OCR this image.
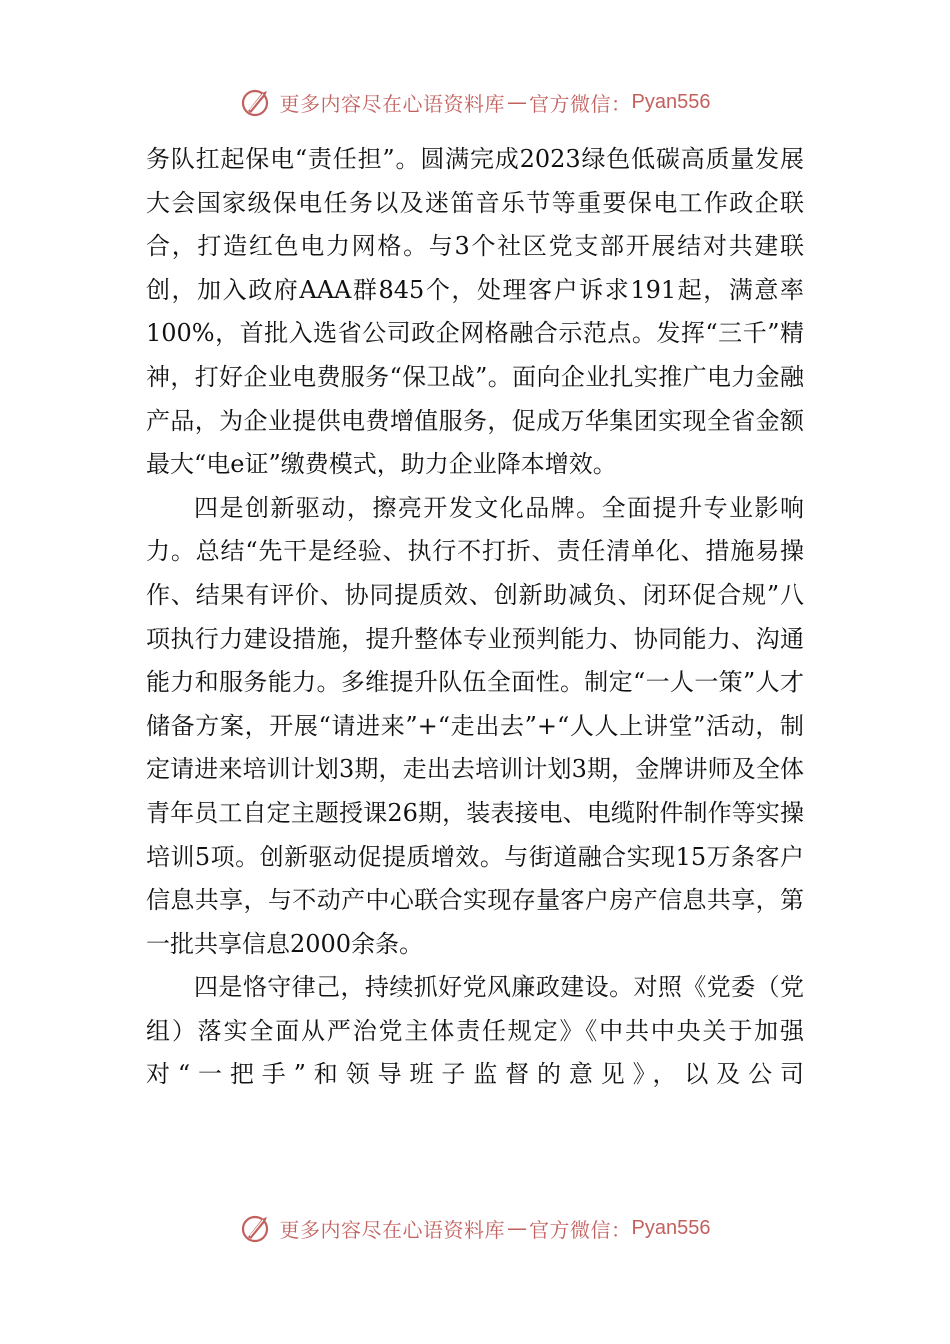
更多内容尽在心语资料库 — 官方微信： Pyan556

务队扛起保电“责任担”。圆满完成2023绿色低碳高质量发展大会国家级保电任务以及迷笛音乐节等重要保电工作政企联合，打造红色电力网格。与3个社区党支部开展结对共建联创，加入政府AAA群845个，处理客户诉求191起，满意率100%，首批入选省公司政企网格融合示范点。发挥“三千”精神，打好企业电费服务“保卫战”。面向企业扎实推广电力金融产品，为企业提供电费增值服务，促成万华集团实现全省金额最大“电e证”缴费模式，助力企业降本增效。

四是创新驱动，擦亮开发文化品牌。全面提升专业影响力。总结“先干是经验、执行不打折、责任清单化、措施易操作、结果有评价、协同提质效、创新助减负、闭环促合规”八项执行力建设措施，提升整体专业预判能力、协同能力、沟通能力和服务能力。多维提升队伍全面性。制定“一人一策”人才储备方案，开展“请进来”+“走出去”+“人人上讲堂”活动，制定请进来培训计划3期，走出去培训计划3期，金牌讲师及全体青年员工自定主题授课26期，装表接电、电缆附件制作等实操培训5项。创新驱动促提质增效。与街道融合实现15万条客户信息共享，与不动产中心联合实现存量客户房产信息共享，第一批共享信息2000余条。

四是恪守律己，持续抓好党风廉政建设。对照《党委（党组）落实全面从严治党主体责任规定》《中共中央关于加强对“一把手”和领导班子监督的意见》，以及公司

更多内容尽在心语资料库 — 官方微信： Pyan556
